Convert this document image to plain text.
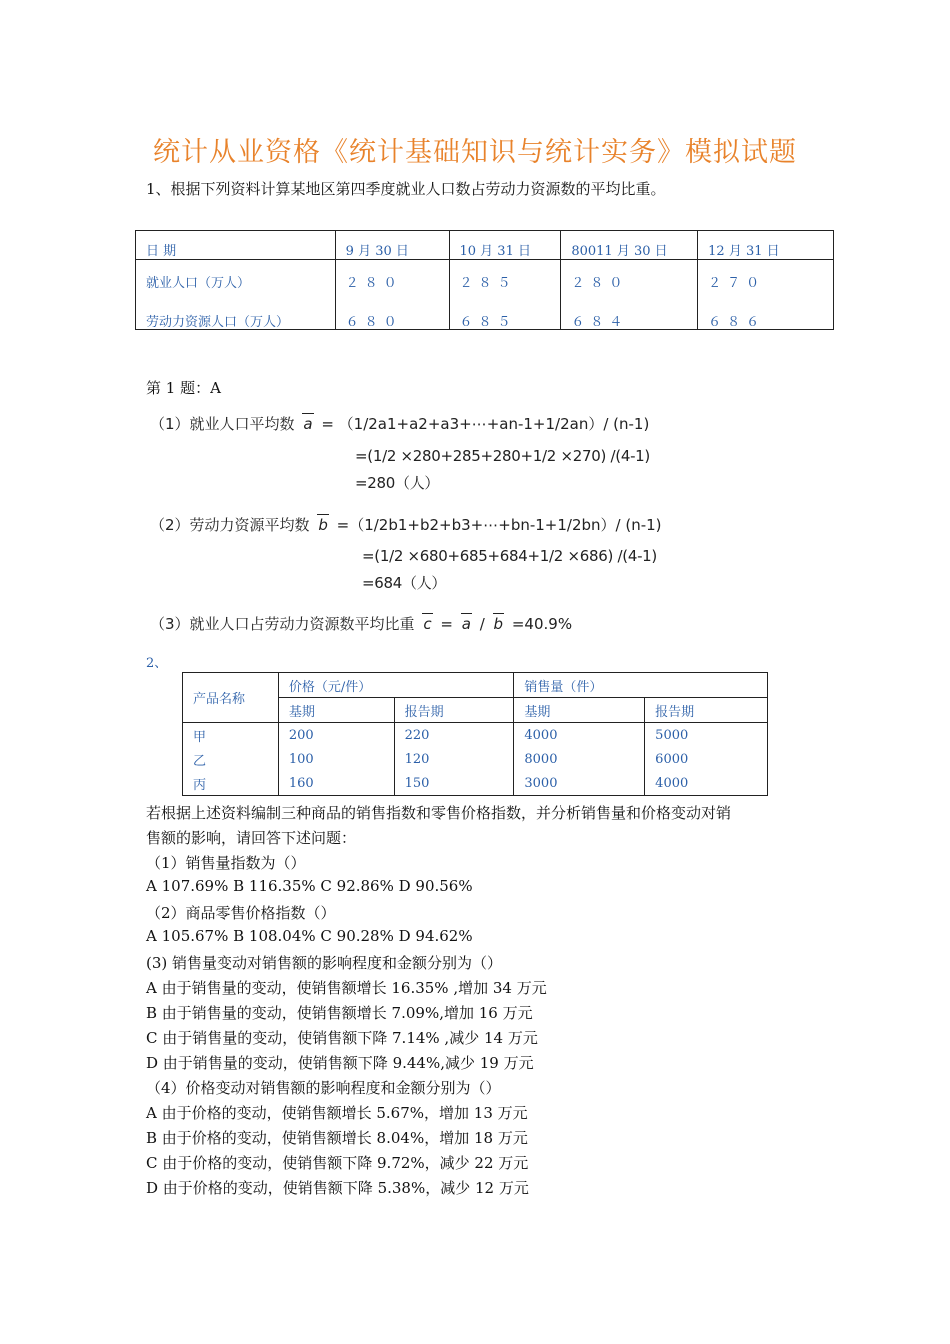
统计从业资格《统计基础知识与统计实务》模拟试题
1、根据下列资料计算某地区第四季度就业人口数占劳动力资源数的平均比重。
日 期	9 月 30 日	10 月 31 日	80011 月 30 日	12 月 31 日
就业人口（万人）	２８０	２８５	２８０	２７０
劳动力资源人口（万人）	６８０	６８５	６８４	６８６
第 1 题：A
（1）就业人口平均数 a = （1/2a1+a2+a3+⋯+an-1+1/2an）/ (n-1)
=(1/2 ×280+285+280+1/2 ×270) /(4-1)
=280（人）
（2）劳动力资源平均数 b =（1/2b1+b2+b3+⋯+bn-1+1/2bn）/ (n-1)
=(1/2 ×680+685+684+1/2 ×686) /(4-1)
=684（人）
（3）就业人口占劳动力资源数平均比重 c = a / b =40.9%
2、
产品名称	价格（元/件）		销售量（件）	
	基期	报告期	基期	报告期
甲	200	220	4000	5000
乙	100	120	8000	6000
丙	160	150	3000	4000
若根据上述资料编制三种商品的销售指数和零售价格指数，并分析销售量和价格变动对销
售额的影响，请回答下述问题：
（1）销售量指数为（）
A 107.69% B 116.35% C 92.86% D 90.56%
（2）商品零售价格指数（）
A 105.67% B 108.04% C 90.28% D 94.62%
(3) 销售量变动对销售额的影响程度和金额分别为（）
A 由于销售量的变动，使销售额增长 16.35% ,增加 34 万元
B 由于销售量的变动，使销售额增长 7.09%,增加 16 万元
C 由于销售量的变动，使销售额下降 7.14% ,减少 14 万元
D 由于销售量的变动，使销售额下降 9.44%,减少 19 万元
（4）价格变动对销售额的影响程度和金额分别为（）
A 由于价格的变动，使销售额增长 5.67%，增加 13 万元
B 由于价格的变动，使销售额增长 8.04%，增加 18 万元
C 由于价格的变动，使销售额下降 9.72%，减少 22 万元
D 由于价格的变动，使销售额下降 5.38%，减少 12 万元
